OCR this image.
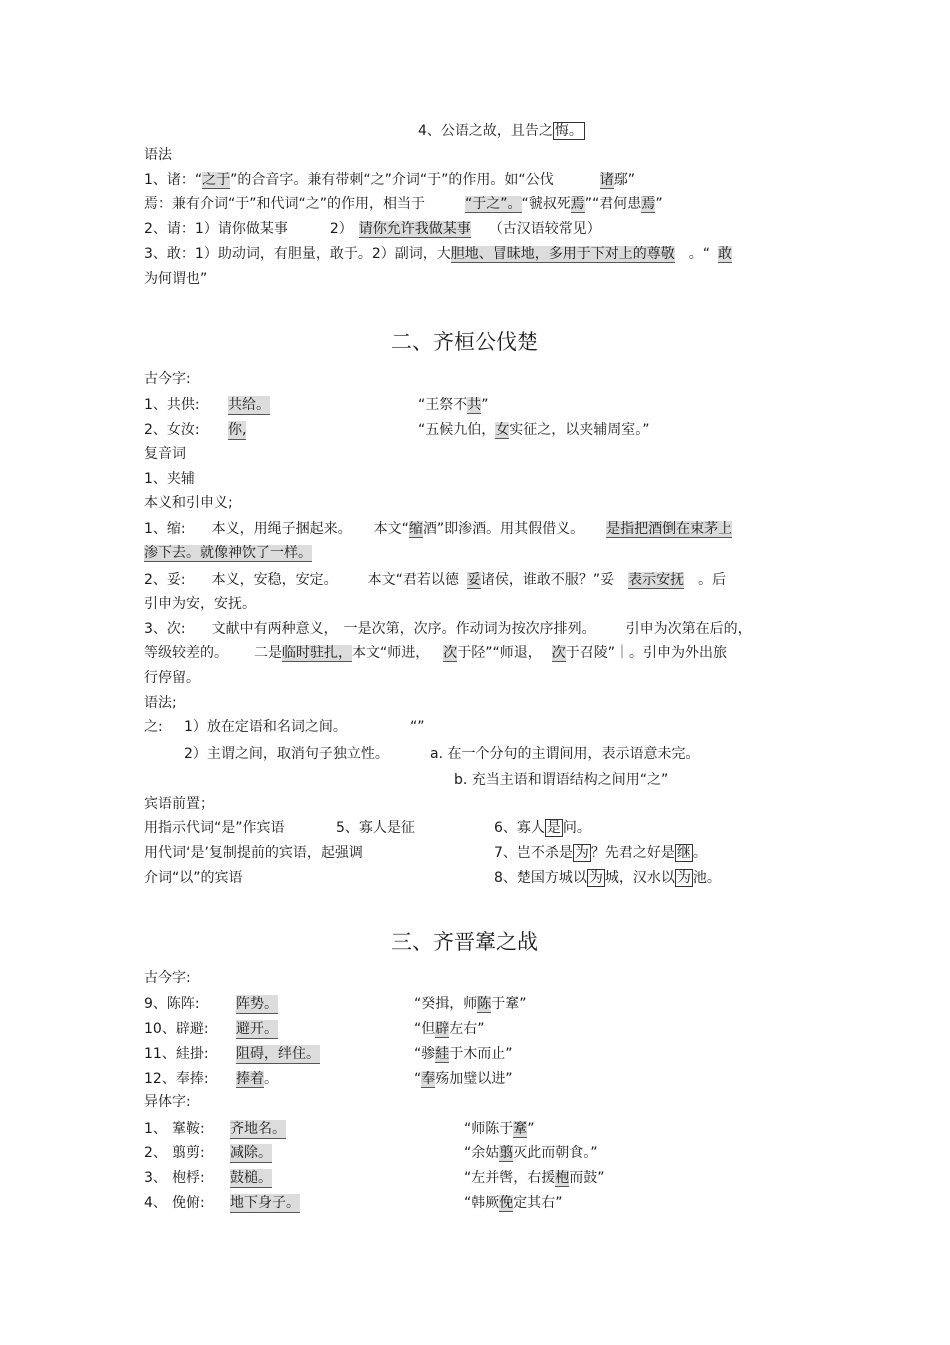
4、公语之故，且告之 悔。
语法
1、诸：“之于”的合音字。兼有带刺“之”介词“于”的作用。如“公伐	诸鄢”
焉：兼有介词“于”和代词“之”的作用，相当于	“于之”。“虢叔死焉”“君何患焉”
2、请：1）请你做某事	2） 请你允许我做某事 （古汉语较常见）
3、敢：1）助动词，有胆量，敢于。2）副词，大胆地、冒昧地，多用于下对上的尊敬 。“ 敢
为何谓也”
二、齐桓公伐楚
古今字:
1、共供: 共给。	“王祭不共”
2、女汝: 你,	“五候九伯，女实征之，以夹辅周室。”
复音词
1、夹辅
本义和引申义;
1、缩: 本义，用绳子捆起来。 本文“缩酒”即渗酒。用其假借义。 是指把酒倒在束茅上
渗下去。就像神饮了一样。
2、妥: 本义，安稳，安定。 本文“君若以德 妥诸侯，谁敢不服？”妥 表示安抚 。后
引申为安，安抚。
3、次: 文献中有两种意义， 一是次第，次序。作动词为按次序排列。 引申为次第在后的，
等级较差的。 二是临时驻扎，本文“师进， 次于陉”“师退， 次于召陵”｜。引申为外出旅
行停留。
语法;
之: 1）放在定语和名词之间。	“”
2）主谓之间，取消句子独立性。	a. 在一个分句的主谓间用，表示语意未完。
b. 充当主语和谓语结构之间用“之”
宾语前置；
用指示代词“是”作宾语	5、寡人是征	6、寡人 是 问。
用代词‘是’复制提前的宾语，起强调	7、岂不杀是 为 ？先君之好是 继 。
介词“以”的宾语	8、楚国方城以 为 城，汉水以 为 池。
三、齐晋鞌之战
古今字:
9、陈阵:	阵势。	“癸揖，师陈于鞌”
10、辟避: 避开。	“但辟左右”
11、絓掛: 阻碍，绊住。	“骖絓于木而止”
12、奉捧: 捧着。	“奉殇加璧以进”
异体字:
1、 鞌鞍: 齐地名。	“师陈于鞌”
2、 翦剪: 减除。	“余姑翦灭此而朝食。”
3、 枹桴: 鼓槌。	“左并辔，右援枹而鼓”
4、 俛俯: 地下身子。	“韩厥俛定其右”
